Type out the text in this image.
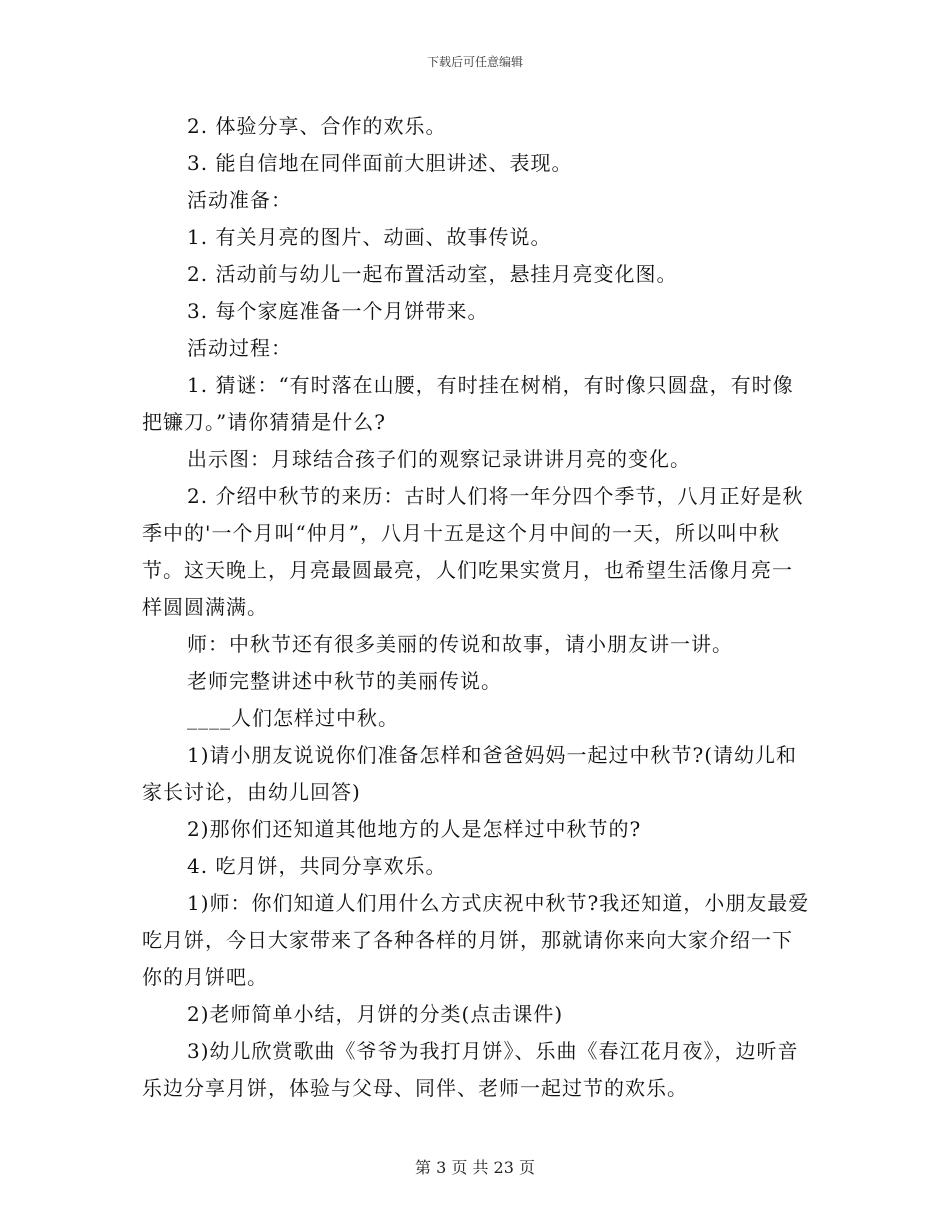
下载后可任意编辑

2. 体验分享、合作的欢乐。

3. 能自信地在同伴面前大胆讲述、表现。

活动准备：

1. 有关月亮的图片、动画、故事传说。

2. 活动前与幼儿一起布置活动室，悬挂月亮变化图。

3. 每个家庭准备一个月饼带来。

活动过程：

1. 猜谜：“有时落在山腰，有时挂在树梢，有时像只圆盘，有时像把镰刀。”请你猜猜是什么?

出示图：月球结合孩子们的观察记录讲讲月亮的变化。

2. 介绍中秋节的来历：古时人们将一年分四个季节，八月正好是秋季中的'一个月叫“仲月”，八月十五是这个月中间的一天，所以叫中秋节。这天晚上，月亮最圆最亮，人们吃果实赏月，也希望生活像月亮一样圆圆满满。

师：中秋节还有很多美丽的传说和故事，请小朋友讲一讲。

老师完整讲述中秋节的美丽传说。

____人们怎样过中秋。

1)请小朋友说说你们准备怎样和爸爸妈妈一起过中秋节?(请幼儿和家长讨论，由幼儿回答)

2)那你们还知道其他地方的人是怎样过中秋节的?

4. 吃月饼，共同分享欢乐。

1)师：你们知道人们用什么方式庆祝中秋节?我还知道，小朋友最爱吃月饼，今日大家带来了各种各样的月饼，那就请你来向大家介绍一下你的月饼吧。

2)老师简单小结，月饼的分类(点击课件)

3)幼儿欣赏歌曲《爷爷为我打月饼》、乐曲《春江花月夜》，边听音乐边分享月饼，体验与父母、同伴、老师一起过节的欢乐。

第 3 页 共 23 页
